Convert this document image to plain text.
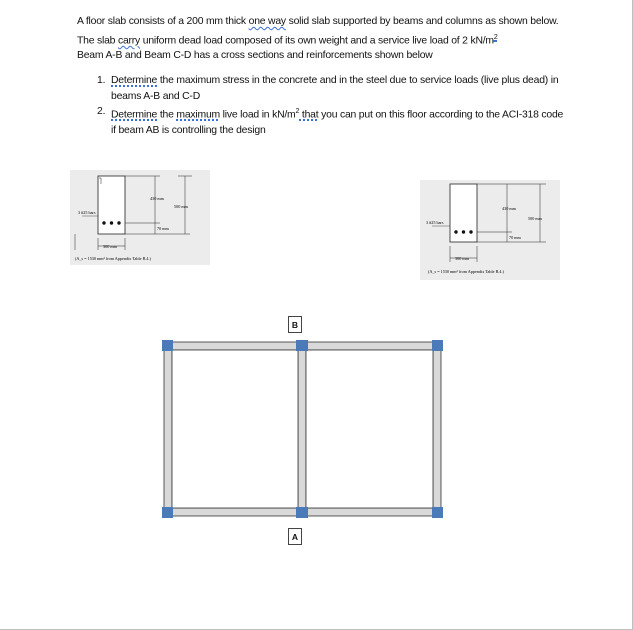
A floor slab consists of a 200 mm thick one way solid slab supported by beams and columns as shown below. The slab carry uniform dead load composed of its own weight and a service live load of 2 $kN/m^2$
Beam A-B and Beam C-D has a cross sections and reinforcements shown below
1. Determine the maximum stress in the concrete and in the steel due to service loads (live plus dead) in beams A-B and C-D
2. Determine the maximum live load in $kN/m^2$ that you can put on this floor according to the ACI-318 code if beam AB is controlling the design
430 mm
500 mm
3 #25 bars
70 mm
300 mm
(A_s = 1530 mm² from Appendix Table B.4.)
430 mm
500 mm
3 #25 bars
70 mm
300 mm
(A_s = 1530 mm² from Appendix Table B.4.)
B
A
